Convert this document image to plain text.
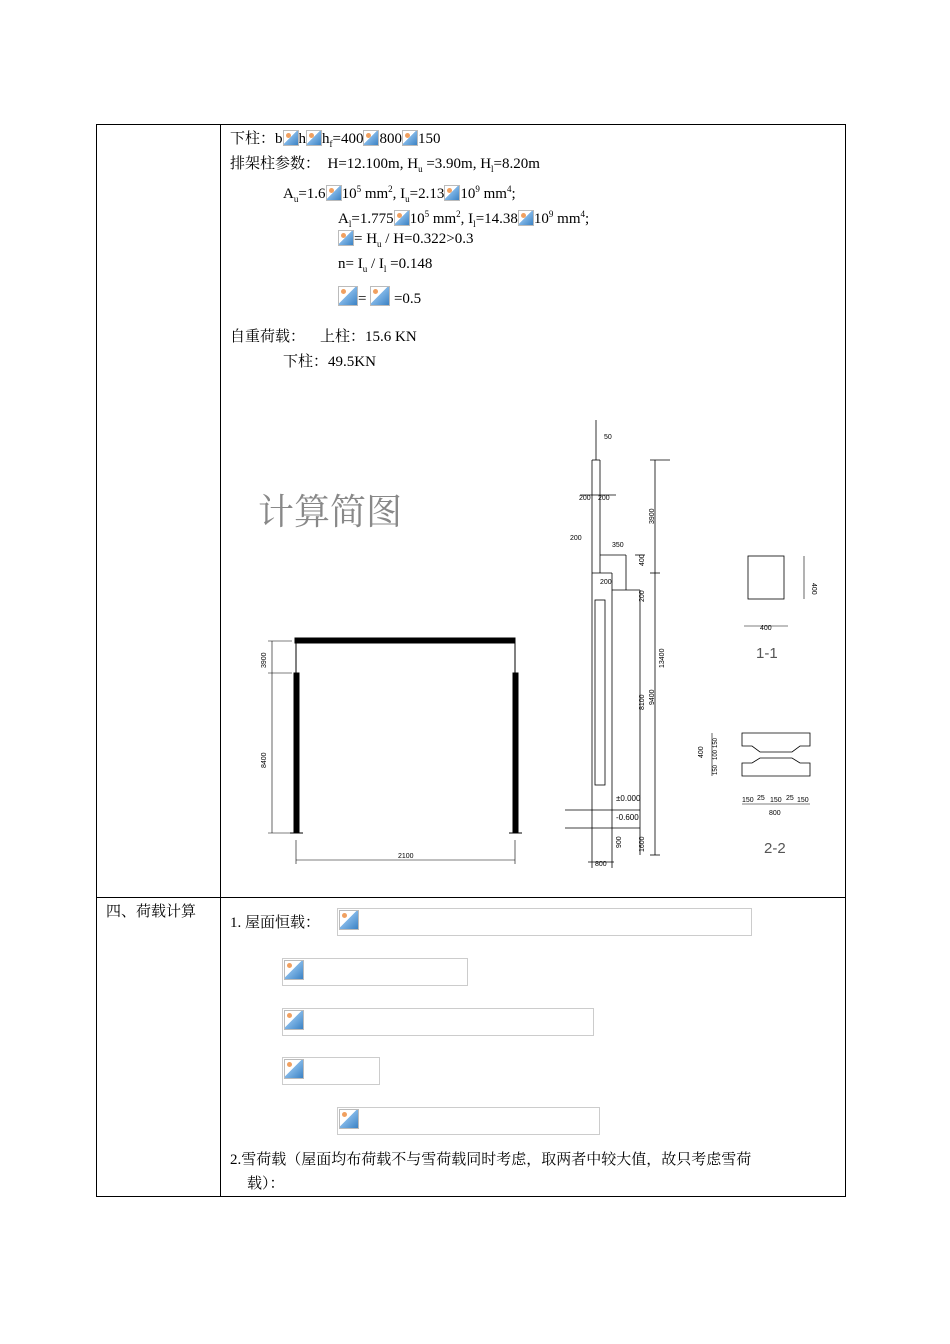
四、荷载计算
下柱：b h $h_f=400$ 800 150
排架柱参数： H=12.100m, $H_u =3.90m$, $H_l=8.20m$
$A_u=1.6$ $10^5$ $mm^2$, $I_u=2.13$ $10^9$ $mm^4$;
$A_l=1.775$ $10^5$ $mm^2$, $I_l=14.38$ $10^9$ $mm^4$;
= $H_u / H=0.322>0.3$
$n= I_u / I_l =0.148$
=  =0.5
自重荷载： 上柱：15.6 KN
下柱：49.5KN
计算简图
3900
8400
2100
50
3900
200 200
200
350
400
200
200
13400
8100 9400
±0.000
-0.600
900 1600
800
400
400
1-1
400
150
100
150
150 25 150 25 150
800
2-2
1. 屋面恒载：
2.雪荷载（屋面均布荷载不与雪荷载同时考虑，取两者中较大值，故只考虑雪荷
载）：
